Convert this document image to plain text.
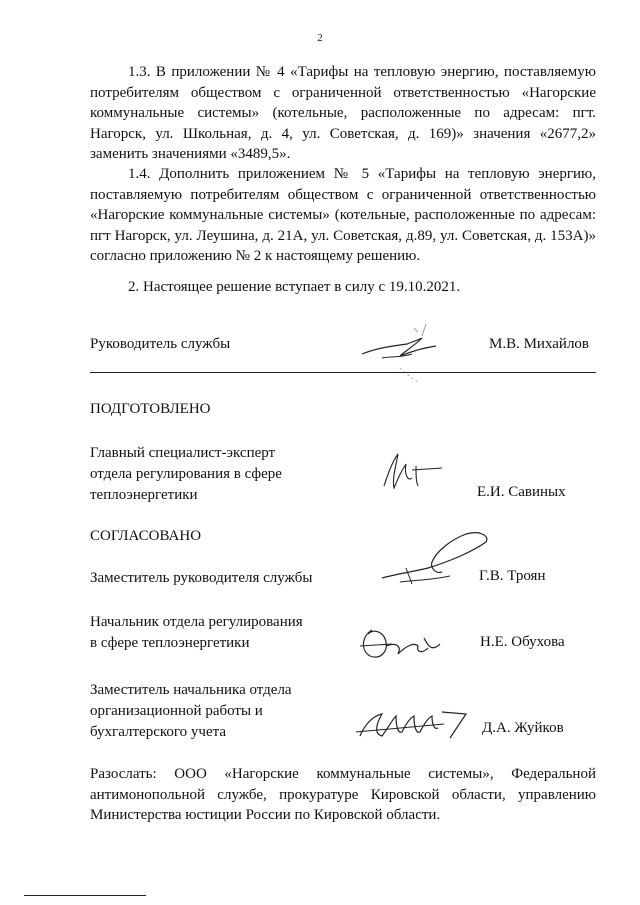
2

1.3. В приложении № 4 «Тарифы на тепловую энергию, поставляемую потребителям обществом с ограниченной ответственностью «Нагорские коммунальные системы» (котельные, расположенные по адресам: пгт. Нагорск, ул. Школьная, д. 4, ул. Советская, д. 169)» значения «2677,2» заменить значениями «3489,5».

1.4. Дополнить приложением № 5 «Тарифы на тепловую энергию, поставляемую потребителям обществом с ограниченной ответственностью «Нагорские коммунальные системы» (котельные, расположенные по адресам: пгт Нагорск, ул. Леушина, д. 21А, ул. Советская, д.89, ул. Советская, д. 153А)» согласно приложению № 2 к настоящему решению.

2. Настоящее решение вступает в силу с 19.10.2021.

Руководитель службы	М.В. Михайлов
ПОДГОТОВЛЕНО
Главный специалист-эксперт
отдела регулирования в сфере
теплоэнергетики	Е.И. Савиных
СОГЛАСОВАНО
Заместитель руководителя службы	Г.В. Троян
Начальник отдела регулирования
в сфере теплоэнергетики	Н.Е. Обухова
Заместитель начальника отдела
организационной работы и
бухгалтерского учета	Д.А. Жуйков

Разослать: ООО «Нагорские коммунальные системы», Федеральной антимонопольной службе, прокуратуре Кировской области, управлению Министерства юстиции России по Кировской области.
